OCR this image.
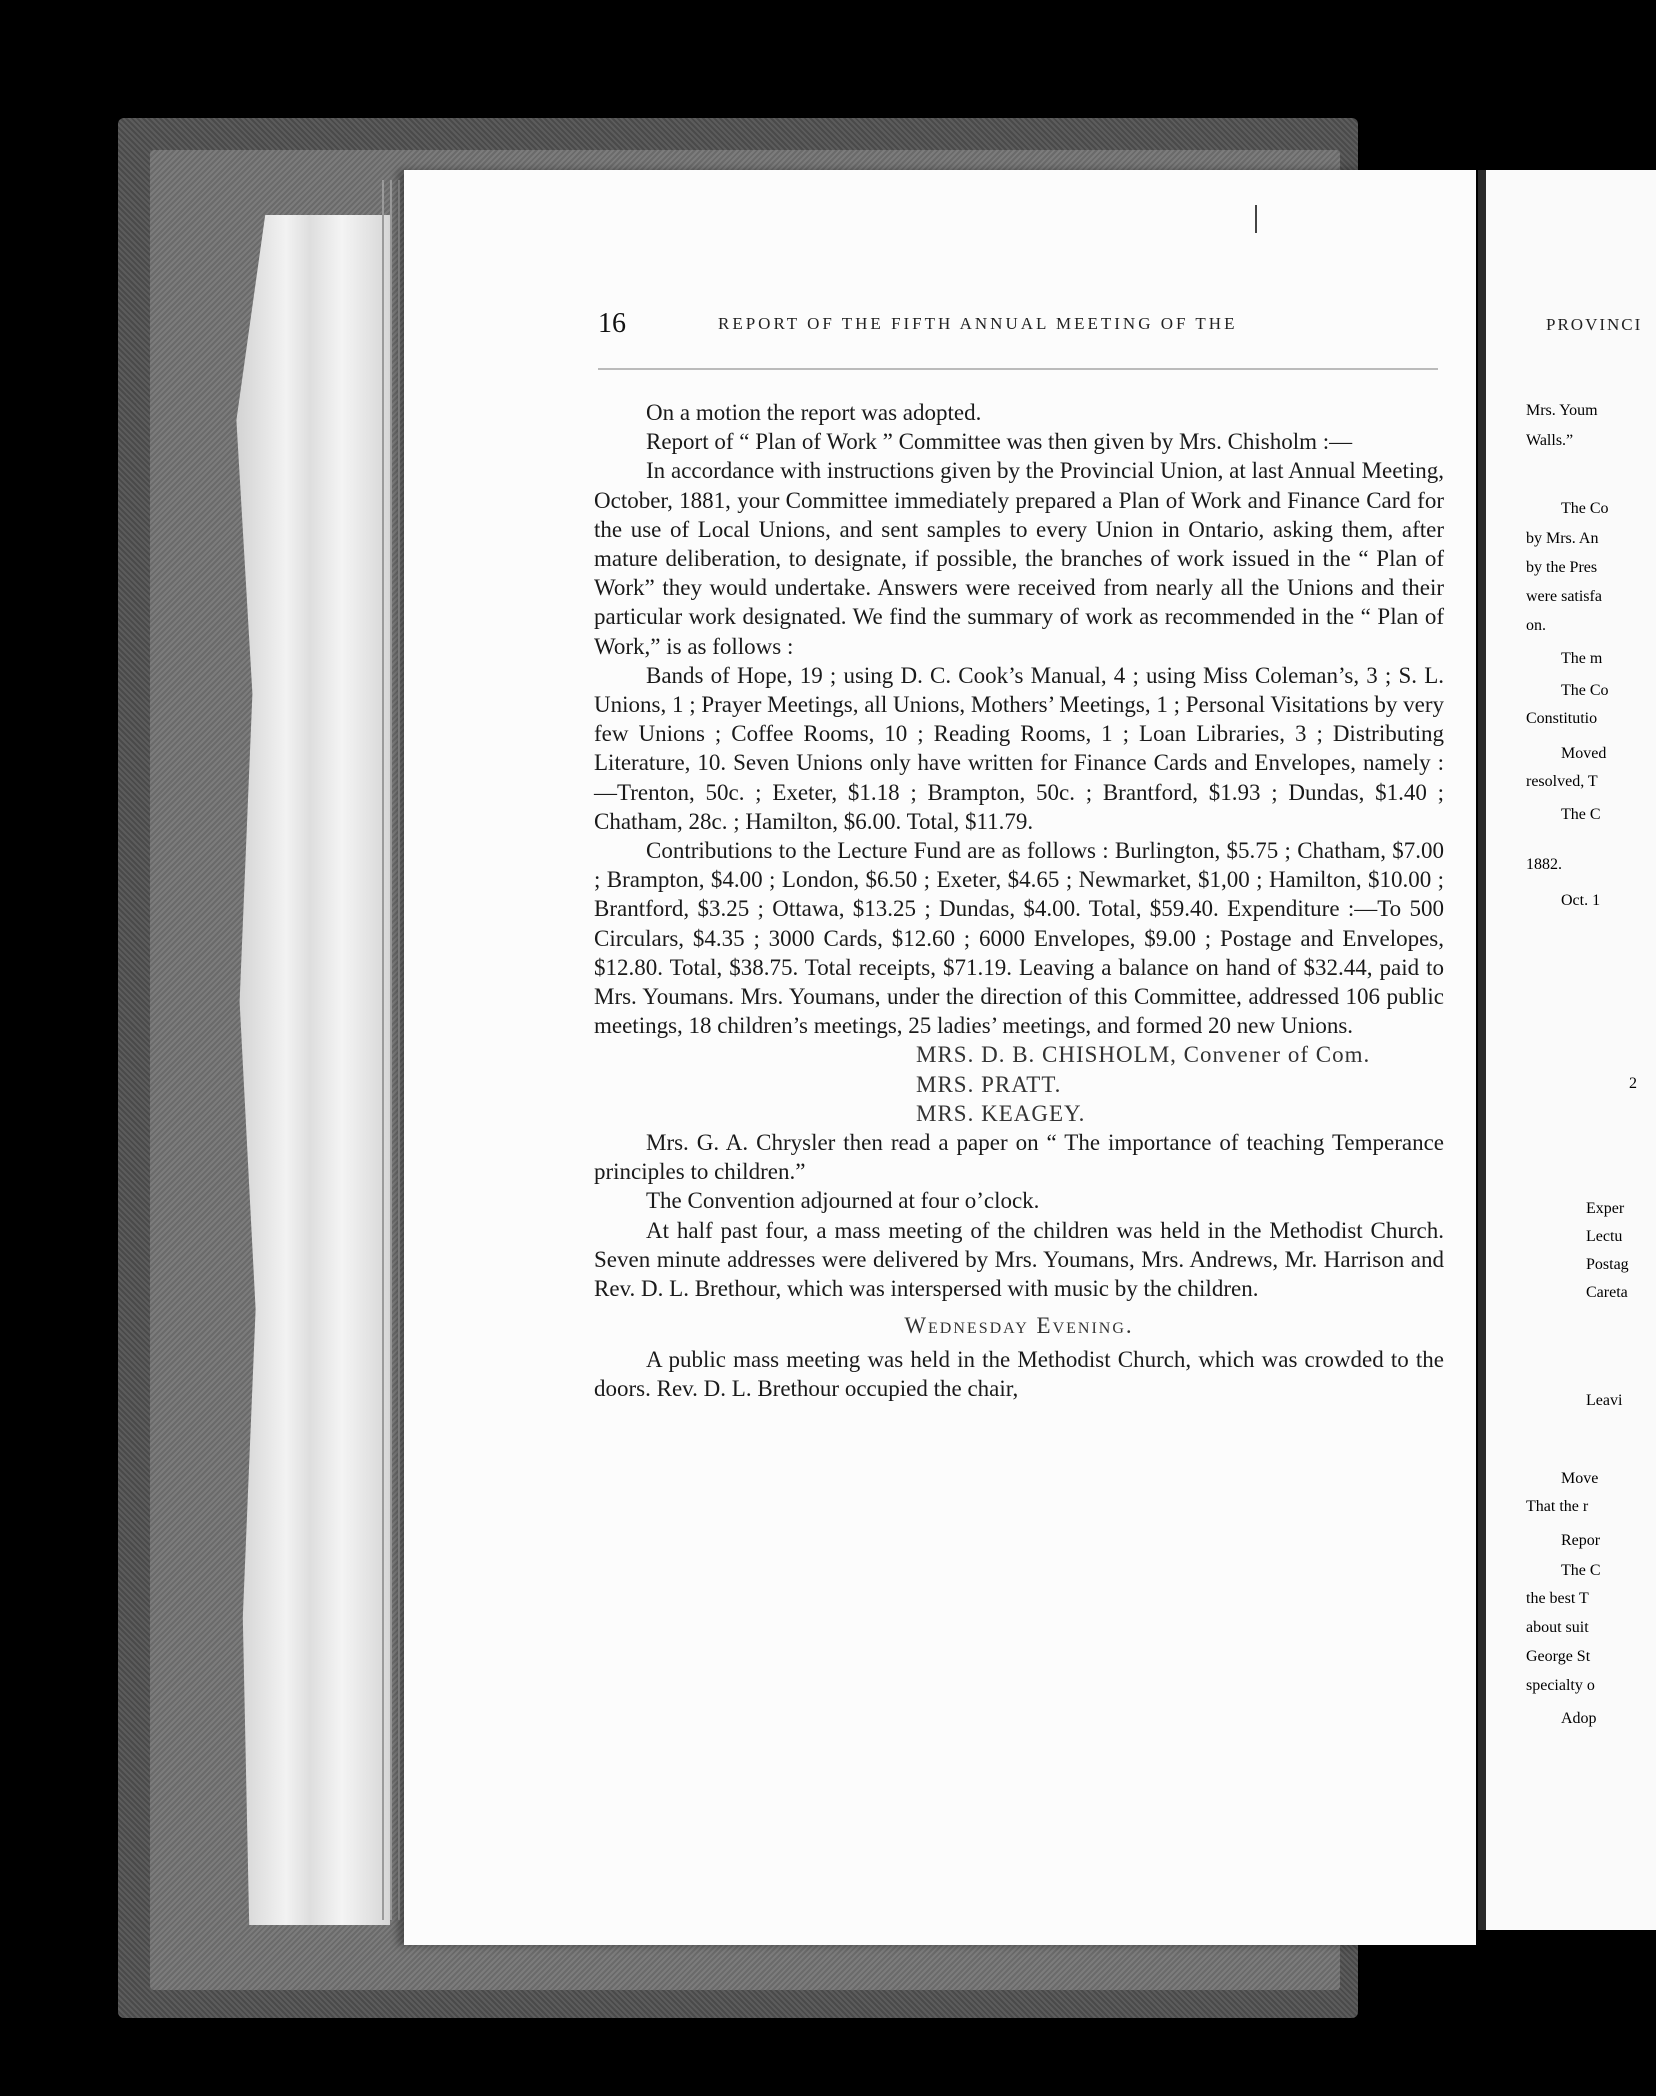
PROVINCI
Mrs. Youm
Walls.”
The Co
by Mrs. An
by the Pres
were satisfa
on.
The m
The Co
Constitutio
Moved
resolved, T
The C
1882.
Oct. 1
2
Exper
Lectu
Postag
Careta
Leavi
Move
That the r
Repor
The C
the best T
about suit
George St
specialty o
Adop
16	REPORT OF THE FIFTH ANNUAL MEETING OF THE

On a motion the report was adopted.

Report of “ Plan of Work ” Committee was then given by Mrs. Chisholm :—

In accordance with instructions given by the Provincial Union, at last Annual Meeting, October, 1881, your Committee immediately prepared a Plan of Work and Finance Card for the use of Local Unions, and sent samples to every Union in Ontario, asking them, after mature deliberation, to designate, if possible, the branches of work issued in the “ Plan of Work” they would undertake. Answers were received from nearly all the Unions and their particular work designated. We find the summary of work as recommended in the “ Plan of Work,” is as follows :

Bands of Hope, 19 ; using D. C. Cook’s Manual, 4 ; using Miss Coleman’s, 3 ; S. L. Unions, 1 ; Prayer Meetings, all Unions, Mothers’ Meetings, 1 ; Personal Visitations by very few Unions ; Coffee Rooms, 10 ; Reading Rooms, 1 ; Loan Libraries, 3 ; Distributing Literature, 10. Seven Unions only have written for Finance Cards and Envelopes, namely :—Trenton, 50c. ; Exeter, $1.18 ; Brampton, 50c. ; Brantford, $1.93 ; Dundas, $1.40 ; Chatham, 28c. ; Hamilton, $6.00. Total, $11.79.

Contributions to the Lecture Fund are as follows : Burlington, $5.75 ; Chatham, $7.00 ; Brampton, $4.00 ; London, $6.50 ; Exeter, $4.65 ; Newmarket, $1,00 ; Hamilton, $10.00 ; Brantford, $3.25 ; Ottawa, $13.25 ; Dundas, $4.00. Total, $59.40. Expenditure :—To 500 Circulars, $4.35 ; 3000 Cards, $12.60 ; 6000 Envelopes, $9.00 ; Postage and Envelopes, $12.80. Total, $38.75. Total receipts, $71.19. Leaving a balance on hand of $32.44, paid to Mrs. Youmans. Mrs. Youmans, under the direction of this Committee, addressed 106 public meetings, 18 children’s meetings, 25 ladies’ meetings, and formed 20 new Unions.

MRS. D. B. CHISHOLM, Convener of Com.

MRS. PRATT.

MRS. KEAGEY.

Mrs. G. A. Chrysler then read a paper on “ The importance of teaching Temperance principles to children.”

The Convention adjourned at four o’clock.

At half past four, a mass meeting of the children was held in the Methodist Church. Seven minute addresses were delivered by Mrs. Youmans, Mrs. Andrews, Mr. Harrison and Rev. D. L. Brethour, which was interspersed with music by the children.

Wednesday Evening.

A public mass meeting was held in the Methodist Church, which was crowded to the doors. Rev. D. L. Brethour occupied the chair,
